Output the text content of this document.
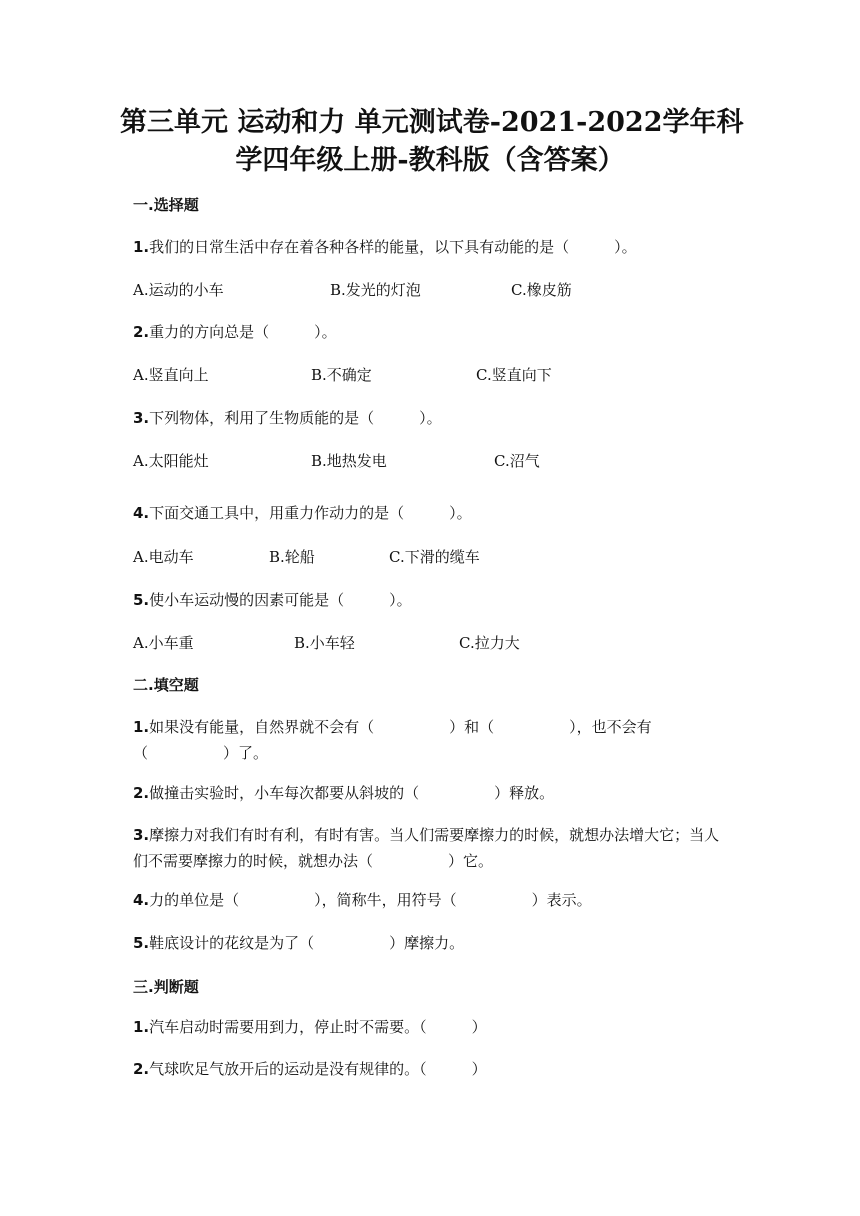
第三单元 运动和力 单元测试卷-2021-2022学年科
学四年级上册-教科版（含答案）
一.选择题
1.我们的日常生活中存在着各种各样的能量，以下具有动能的是（　　　）。
A.运动的小车	B.发光的灯泡	C.橡皮筋
2.重力的方向总是（　　　）。
A.竖直向上	B.不确定	C.竖直向下
3.下列物体，利用了生物质能的是（　　　）。
A.太阳能灶	B.地热发电	C.沼气
4.下面交通工具中，用重力作动力的是（　　　）。
A.电动车	B.轮船	C.下滑的缆车
5.使小车运动慢的因素可能是（　　　）。
A.小车重	B.小车轻	C.拉力大
二.填空题
1.如果没有能量，自然界就不会有（　　　　　）和（　　　　　），也不会有（　　　　　）了。
2.做撞击实验时，小车每次都要从斜坡的（　　　　　）释放。
3.摩擦力对我们有时有利，有时有害。当人们需要摩擦力的时候，就想办法增大它；当人们不需要摩擦力的时候，就想办法（　　　　　）它。
4.力的单位是（　　　　　），简称牛，用符号（　　　　　）表示。
5.鞋底设计的花纹是为了（　　　　　）摩擦力。
三.判断题
1.汽车启动时需要用到力，停止时不需要。（　　　）
2.气球吹足气放开后的运动是没有规律的。（　　　）
